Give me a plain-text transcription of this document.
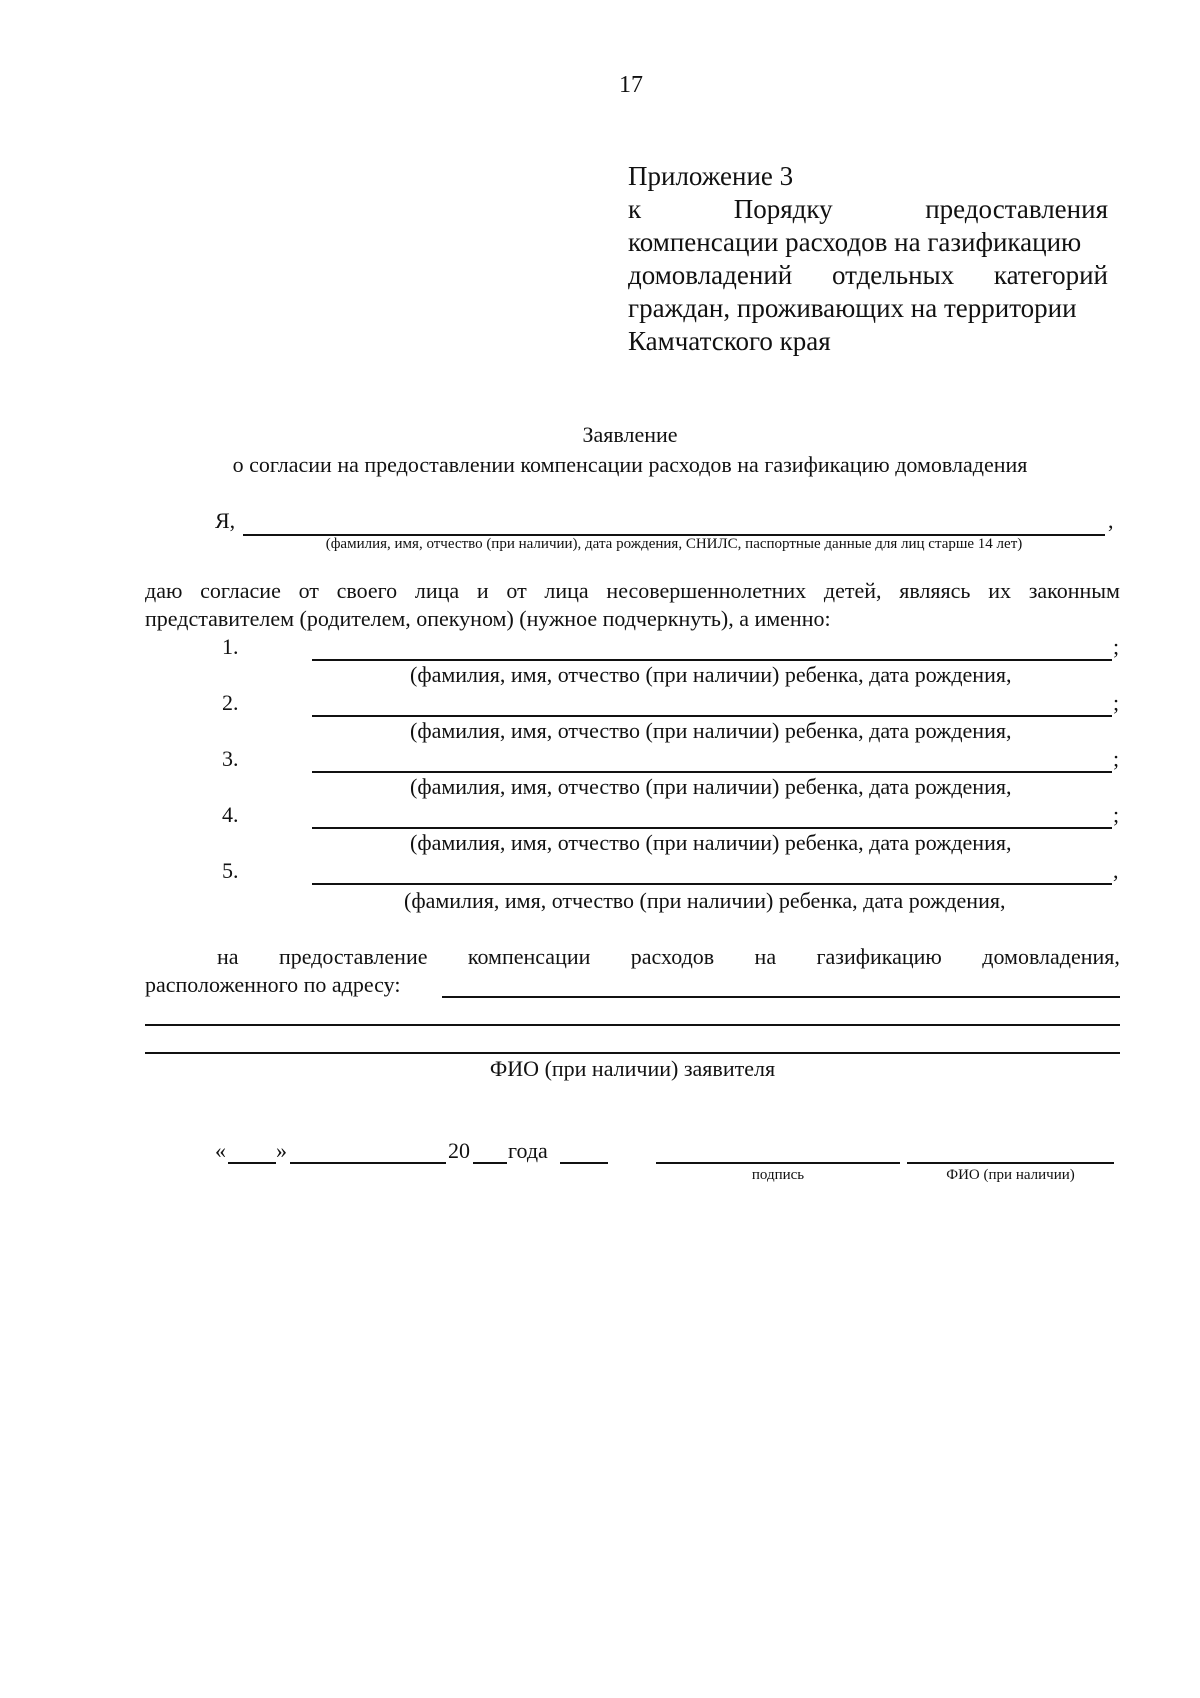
17
Приложение 3
к	Порядку	предоставления
компенсации расходов на газификацию
домовладений отдельных категорий
граждан, проживающих на территории
Камчатского края
Заявление
о согласии на предоставлении компенсации расходов на газификацию домовладения
Я,	,
(фамилия, имя, отчество (при наличии), дата рождения, СНИЛС, паспортные данные для лиц старше 14 лет)
даю согласие от своего лица и от лица несовершеннолетних детей, являясь их законным
представителем (родителем, опекуном) (нужное подчеркнуть), а именно:
1.	;
(фамилия, имя, отчество (при наличии) ребенка, дата рождения,
2.	;
(фамилия, имя, отчество (при наличии) ребенка, дата рождения,
3.	;
(фамилия, имя, отчество (при наличии) ребенка, дата рождения,
4.	;
(фамилия, имя, отчество (при наличии) ребенка, дата рождения,
5.	,
(фамилия, имя, отчество (при наличии) ребенка, дата рождения,
на предоставление компенсации расходов на газификацию домовладения,
расположенного по адресу:
ФИО (при наличии) заявителя
« »	20 года
подпись	ФИО (при наличии)
